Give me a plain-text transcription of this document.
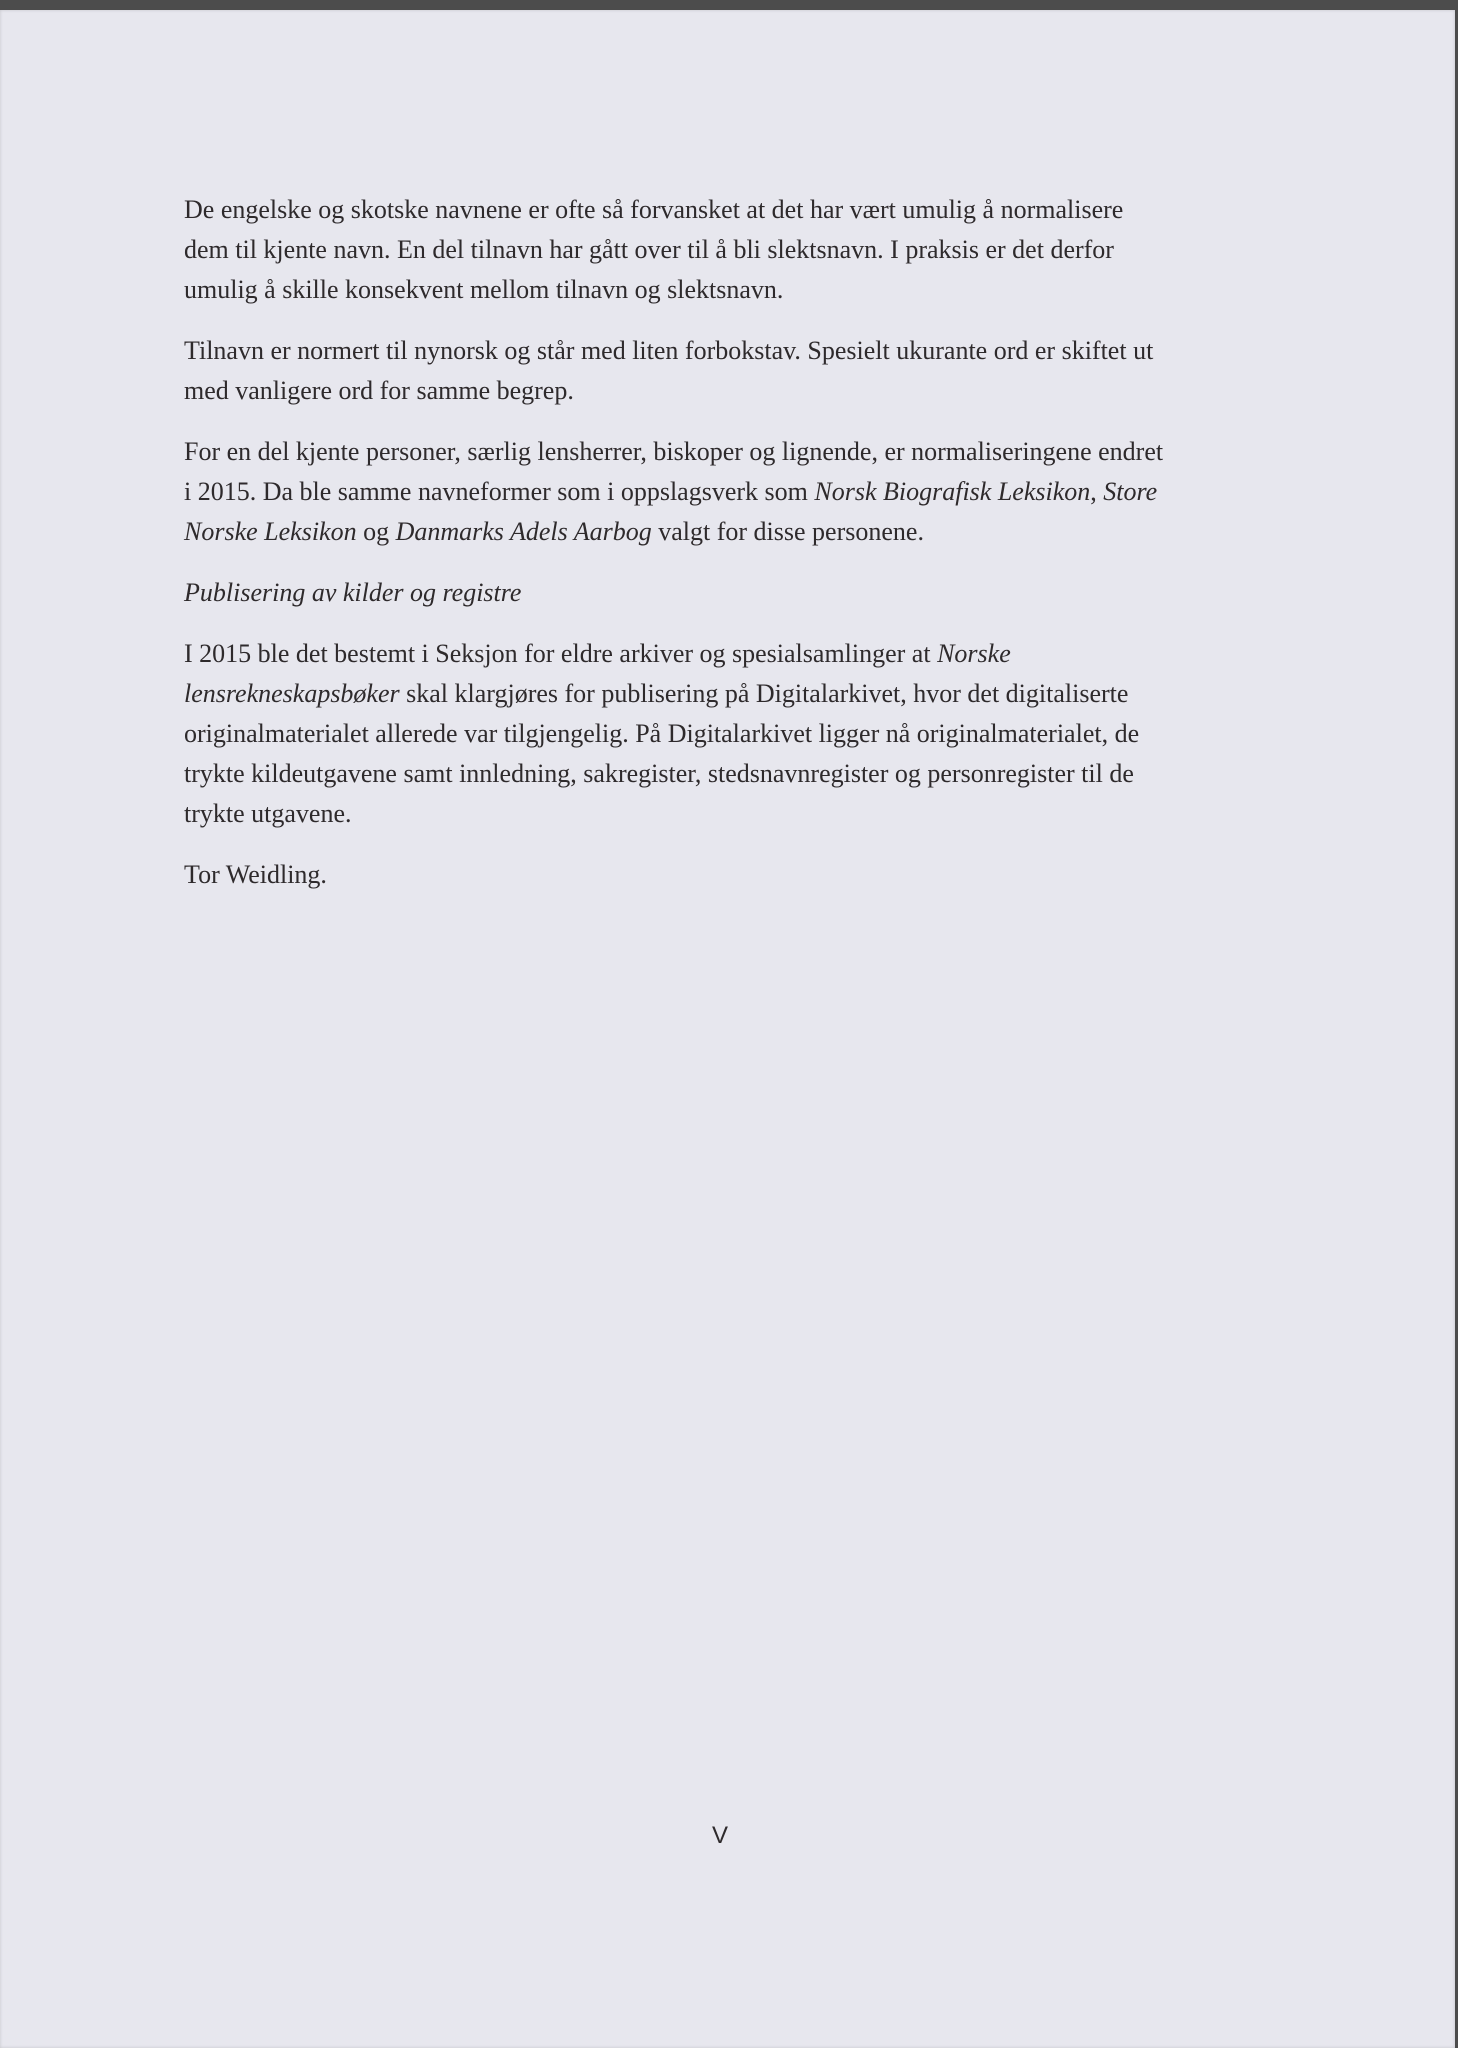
De engelske og skotske navnene er ofte så forvansket at det har vært umulig å normalisere
dem til kjente navn. En del tilnavn har gått over til å bli slektsnavn. I praksis er det derfor
umulig å skille konsekvent mellom tilnavn og slektsnavn.

Tilnavn er normert til nynorsk og står med liten forbokstav. Spesielt ukurante ord er skiftet ut
med vanligere ord for samme begrep.

For en del kjente personer, særlig lensherrer, biskoper og lignende, er normaliseringene endret
i 2015. Da ble samme navneformer som i oppslagsverk som Norsk Biografisk Leksikon, Store
Norske Leksikon og Danmarks Adels Aarbog valgt for disse personene.

Publisering av kilder og registre

I 2015 ble det bestemt i Seksjon for eldre arkiver og spesialsamlinger at Norske
lensrekneskapsbøker skal klargjøres for publisering på Digitalarkivet, hvor det digitaliserte
originalmaterialet allerede var tilgjengelig. På Digitalarkivet ligger nå originalmaterialet, de
trykte kildeutgavene samt innledning, sakregister, stedsnavnregister og personregister til de
trykte utgavene.

Tor Weidling.

V
